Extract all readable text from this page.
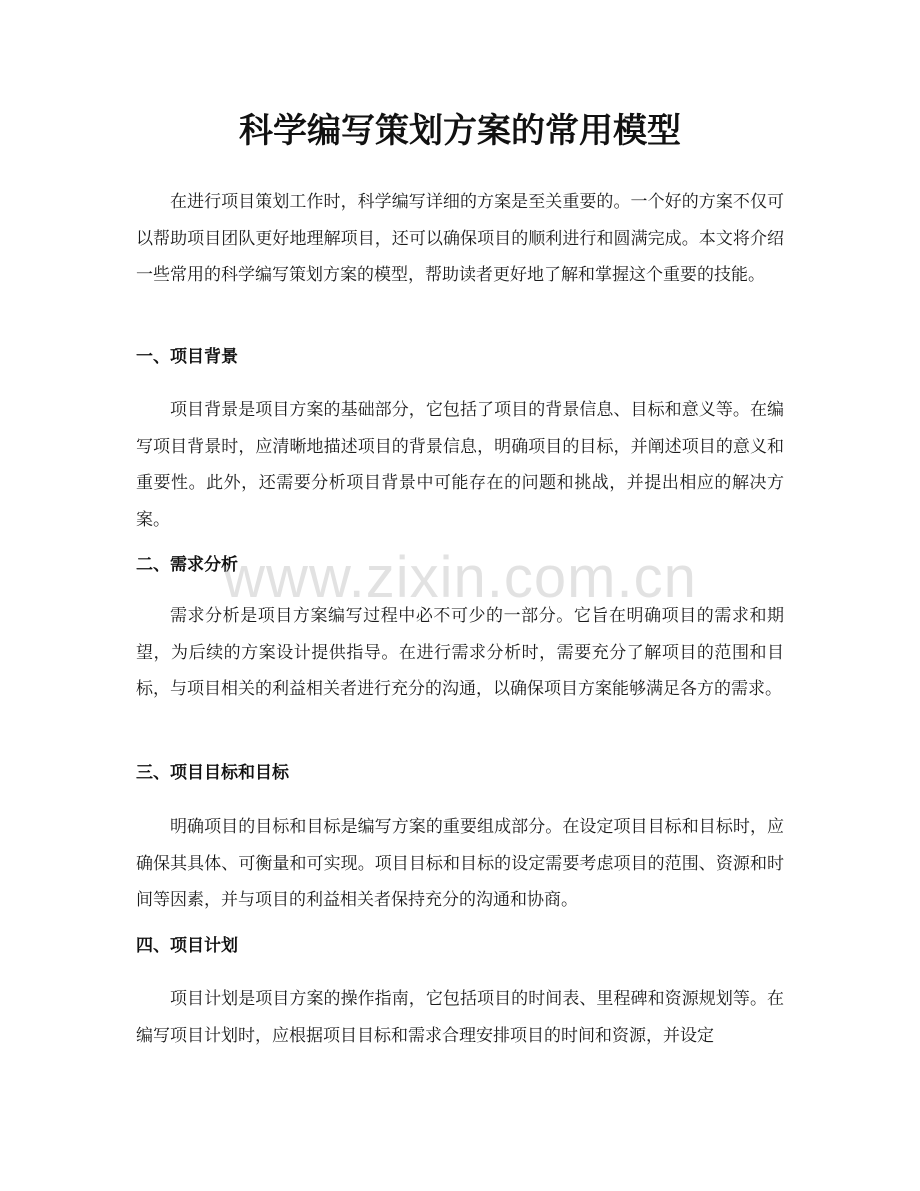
科学编写策划方案的常用模型

在进行项目策划工作时，科学编写详细的方案是至关重要的。一个好的方案不仅可以帮助项目团队更好地理解项目，还可以确保项目的顺利进行和圆满完成。本文将介绍一些常用的科学编写策划方案的模型，帮助读者更好地了解和掌握这个重要的技能。

一、项目背景

项目背景是项目方案的基础部分，它包括了项目的背景信息、目标和意义等。在编写项目背景时，应清晰地描述项目的背景信息，明确项目的目标，并阐述项目的意义和重要性。此外，还需要分析项目背景中可能存在的问题和挑战，并提出相应的解决方案。

二、需求分析

需求分析是项目方案编写过程中必不可少的一部分。它旨在明确项目的需求和期望，为后续的方案设计提供指导。在进行需求分析时，需要充分了解项目的范围和目标，与项目相关的利益相关者进行充分的沟通，以确保项目方案能够满足各方的需求。

三、项目目标和目标

明确项目的目标和目标是编写方案的重要组成部分。在设定项目目标和目标时，应确保其具体、可衡量和可实现。项目目标和目标的设定需要考虑项目的范围、资源和时间等因素，并与项目的利益相关者保持充分的沟通和协商。

四、项目计划

项目计划是项目方案的操作指南，它包括项目的时间表、里程碑和资源规划等。在编写项目计划时，应根据项目目标和需求合理安排项目的时间和资源，并设定

www.zixin.com.cn
